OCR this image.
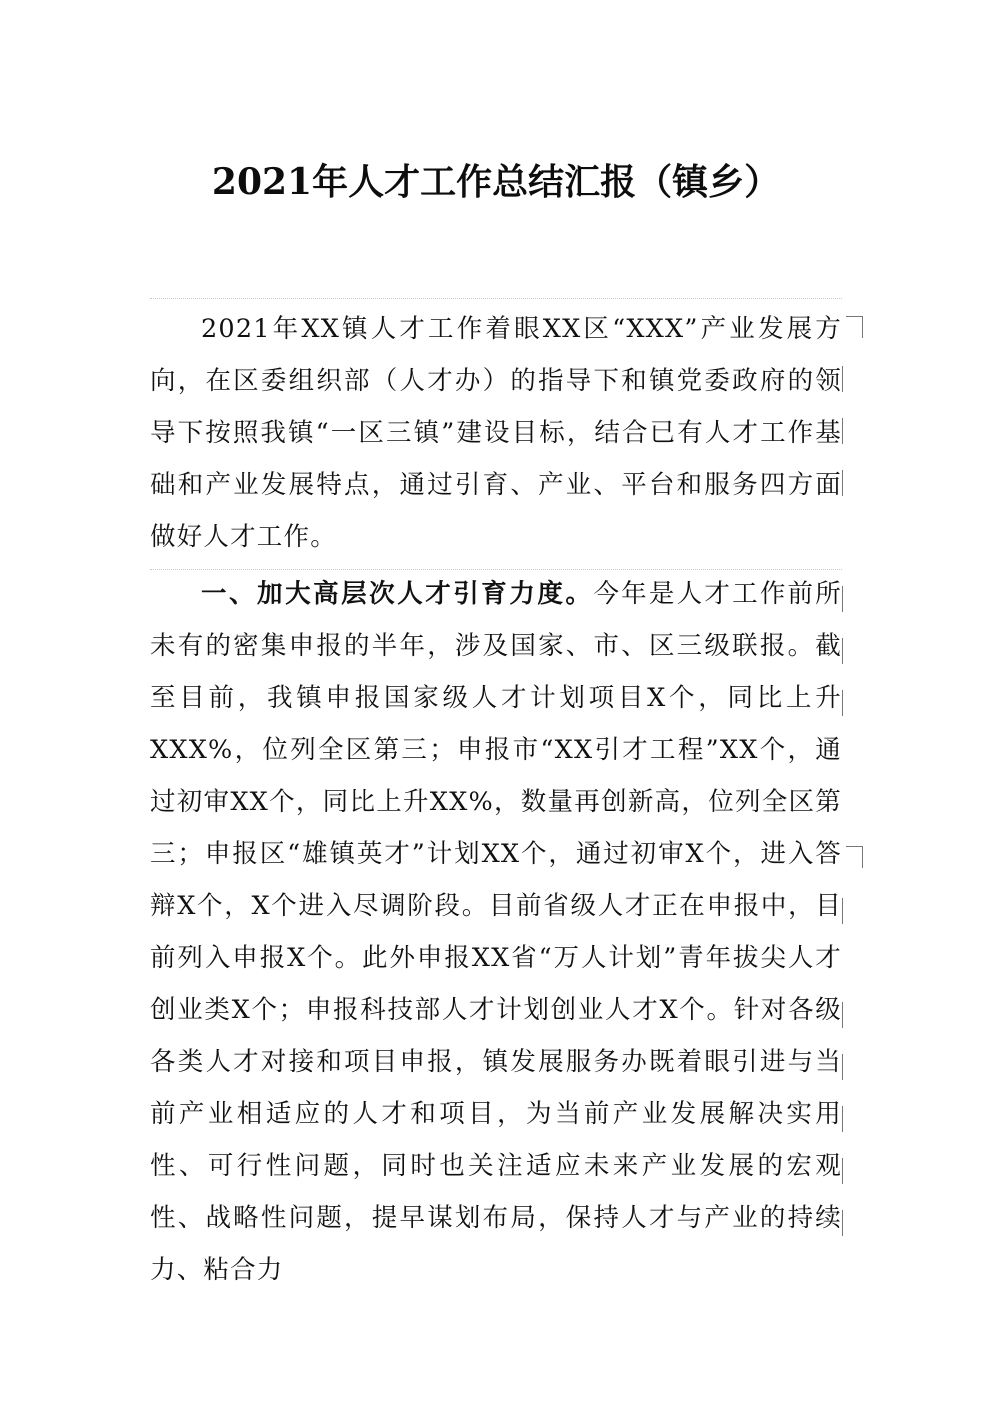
2021年人才工作总结汇报（镇乡）

2021年XX镇人才工作着眼XX区“XXX”产业发展方向，在区委组织部（人才办）的指导下和镇党委政府的领导下按照我镇“一区三镇”建设目标，结合已有人才工作基础和产业发展特点，通过引育、产业、平台和服务四方面做好人才工作。

一、加大高层次人才引育力度。今年是人才工作前所未有的密集申报的半年，涉及国家、市、区三级联报。截至目前，我镇申报国家级人才计划项目X个，同比上升XXX%，位列全区第三；申报市“XX引才工程”XX个，通过初审XX个，同比上升XX%，数量再创新高，位列全区第三；申报区“雄镇英才”计划XX个，通过初审X个，进入答辩X个，X个进入尽调阶段。目前省级人才正在申报中，目前列入申报X个。此外申报XX省“万人计划”青年拔尖人才创业类X个；申报科技部人才计划创业人才X个。针对各级各类人才对接和项目申报，镇发展服务办既着眼引进与当前产业相适应的人才和项目，为当前产业发展解决实用性、可行性问题，同时也关注适应未来产业发展的宏观性、战略性问题，提早谋划布局，保持人才与产业的持续力、粘合力
